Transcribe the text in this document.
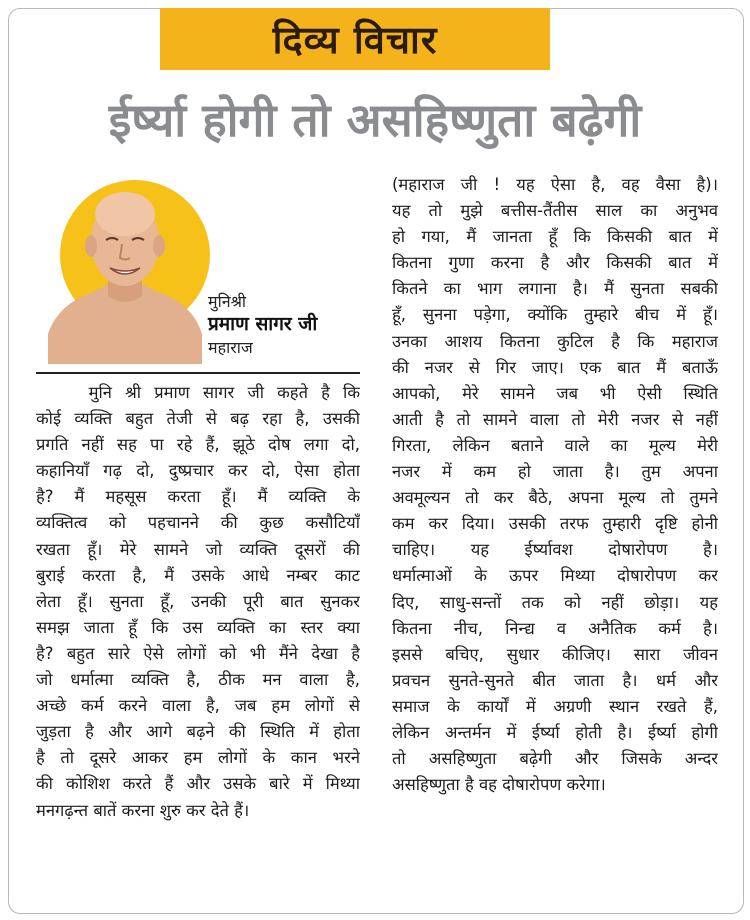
दिव्य विचार
ईर्ष्या होगी तो असहिष्णुता बढ़ेगी
मुनिश्री
प्रमाण सागर जी
महाराज
मुनि श्री प्रमाण सागर जी कहते है कि
कोई व्यक्ति बहुत तेजी से बढ़ रहा है, उसकी
प्रगति नहीं सह पा रहे हैं, झूठे दोष लगा दो,
कहानियाँ गढ़ दो, दुष्प्रचार कर दो, ऐसा होता
है? मैं महसूस करता हूँ। मैं व्यक्ति के
व्यक्तित्व को पहचानने की कुछ कसौटियाँ
रखता हूँ। मेरे सामने जो व्यक्ति दूसरों की
बुराई करता है, मैं उसके आधे नम्बर काट
लेता हूँ। सुनता हूँ, उनकी पूरी बात सुनकर
समझ जाता हूँ कि उस व्यक्ति का स्तर क्या
है? बहुत सारे ऐसे लोगों को भी मैंने देखा है
जो धर्मात्मा व्यक्ति है, ठीक मन वाला है,
अच्छे कर्म करने वाला है, जब हम लोगों से
जुड़ता है और आगे बढ़ने की स्थिति में होता
है तो दूसरे आकर हम लोगों के कान भरने
की कोशिश करते हैं और उसके बारे में मिथ्या
मनगढ़न्त बातें करना शुरु कर देते हैं।
(महाराज जी ! यह ऐसा है, वह वैसा है)।
यह तो मुझे बत्तीस-तैंतीस साल का अनुभव
हो गया, मैं जानता हूँ कि किसकी बात में
कितना गुणा करना है और किसकी बात में
कितने का भाग लगाना है। मैं सुनता सबकी
हूँ, सुनना पड़ेगा, क्योंकि तुम्हारे बीच में हूँ।
उनका आशय कितना कुटिल है कि महाराज
की नजर से गिर जाए। एक बात मैं बताऊँ
आपको, मेरे सामने जब भी ऐसी स्थिति
आती है तो सामने वाला तो मेरी नजर से नहीं
गिरता, लेकिन बताने वाले का मूल्य मेरी
नजर में कम हो जाता है। तुम अपना
अवमूल्यन तो कर बैठे, अपना मूल्य तो तुमने
कम कर दिया। उसकी तरफ तुम्हारी दृष्टि होनी
चाहिए। यह ईर्ष्यावश दोषारोपण है।
धर्मात्माओं के ऊपर मिथ्या दोषारोपण कर
दिए, साधु-सन्तों तक को नहीं छोड़ा। यह
कितना नीच, निन्द्य व अनैतिक कर्म है।
इससे बचिए, सुधार कीजिए। सारा जीवन
प्रवचन सुनते-सुनते बीत जाता है। धर्म और
समाज के कार्यों में अग्रणी स्थान रखते हैं,
लेकिन अन्तर्मन में ईर्ष्या होती है। ईर्ष्या होगी
तो असहिष्णुता बढ़ेगी और जिसके अन्दर
असहिष्णुता है वह दोषारोपण करेगा।
